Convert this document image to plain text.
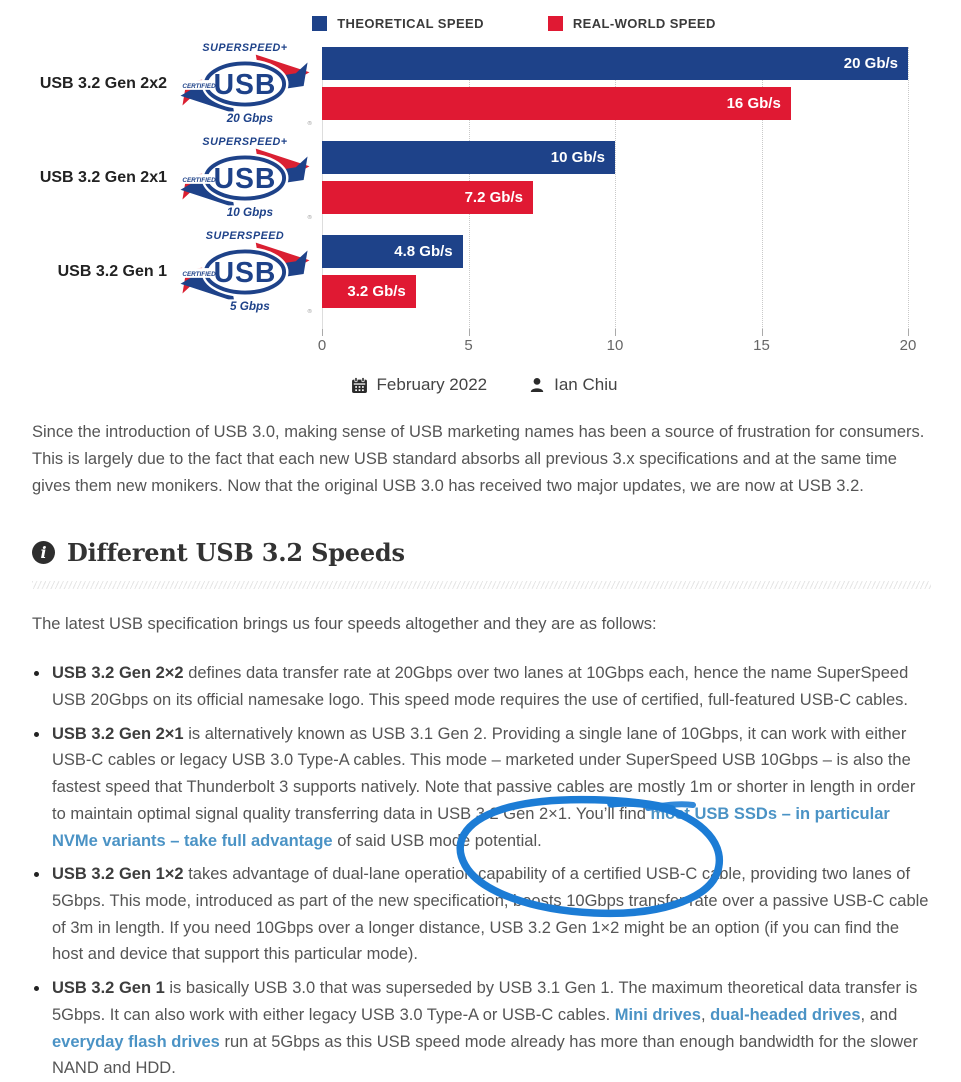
THEORETICAL SPEED	REAL-WORLD SPEED
USB 3.2 Gen 2x2 CERTIFIED
USB
SUPERSPEED+
20 Gbps	®
20 Gb/s
16 Gb/s
USB 3.2 Gen 2x1 CERTIFIED
USB
SUPERSPEED+
10 Gbps	®
10 Gb/s
7.2 Gb/s
USB 3.2 Gen 1 CERTIFIED
USB
SUPERSPEED
5 Gbps	®
4.8 Gb/s
3.2 Gb/s
0	5	10	15	20
February 2022	Ian Chiu

Since the introduction of USB 3.0, making sense of USB marketing names has been a source of frustration for consumers. This is largely due to the fact that each new USB standard absorbs all previous 3.x specifications and at the same time gives them new monikers. Now that the original USB 3.0 has received two major updates, we are now at USB 3.2.

i Different USB 3.2 Speeds

The latest USB specification brings us four speeds altogether and they are as follows:

• USB 3.2 Gen 2×2 defines data transfer rate at 20Gbps over two lanes at 10Gbps each, hence the name SuperSpeed USB 20Gbps on its official namesake logo. This speed mode requires the use of certified, full-featured USB-C cables.
• USB 3.2 Gen 2×1 is alternatively known as USB 3.1 Gen 2. Providing a single lane of 10Gbps, it can work with either USB-C cables or legacy USB 3.0 Type-A cables. This mode – marketed under SuperSpeed USB 10Gbps – is also the fastest speed that Thunderbolt 3 supports natively. Note that passive cables are mostly 1m or shorter in length in order to maintain optimal signal quality transferring data in USB 3.2 Gen 2×1. You’ll find most USB SSDs – in particular NVMe variants – take full advantage of said USB mode potential.
• USB 3.2 Gen 1×2 takes advantage of dual-lane operation capability of a certified USB-C cable, providing two lanes of 5Gbps. This mode, introduced as part of the new specification, boosts 10Gbps transfer rate over a passive USB-C cable of 3m in length. If you need 10Gbps over a longer distance, USB 3.2 Gen 1×2 might be an option (if you can find the host and device that support this particular mode).
• USB 3.2 Gen 1 is basically USB 3.0 that was superseded by USB 3.1 Gen 1. The maximum theoretical data transfer is 5Gbps. It can also work with either legacy USB 3.0 Type-A or USB-C cables. Mini drives, dual-headed drives, and everyday flash drives run at 5Gbps as this USB speed mode already has more than enough bandwidth for the slower NAND and HDD.
